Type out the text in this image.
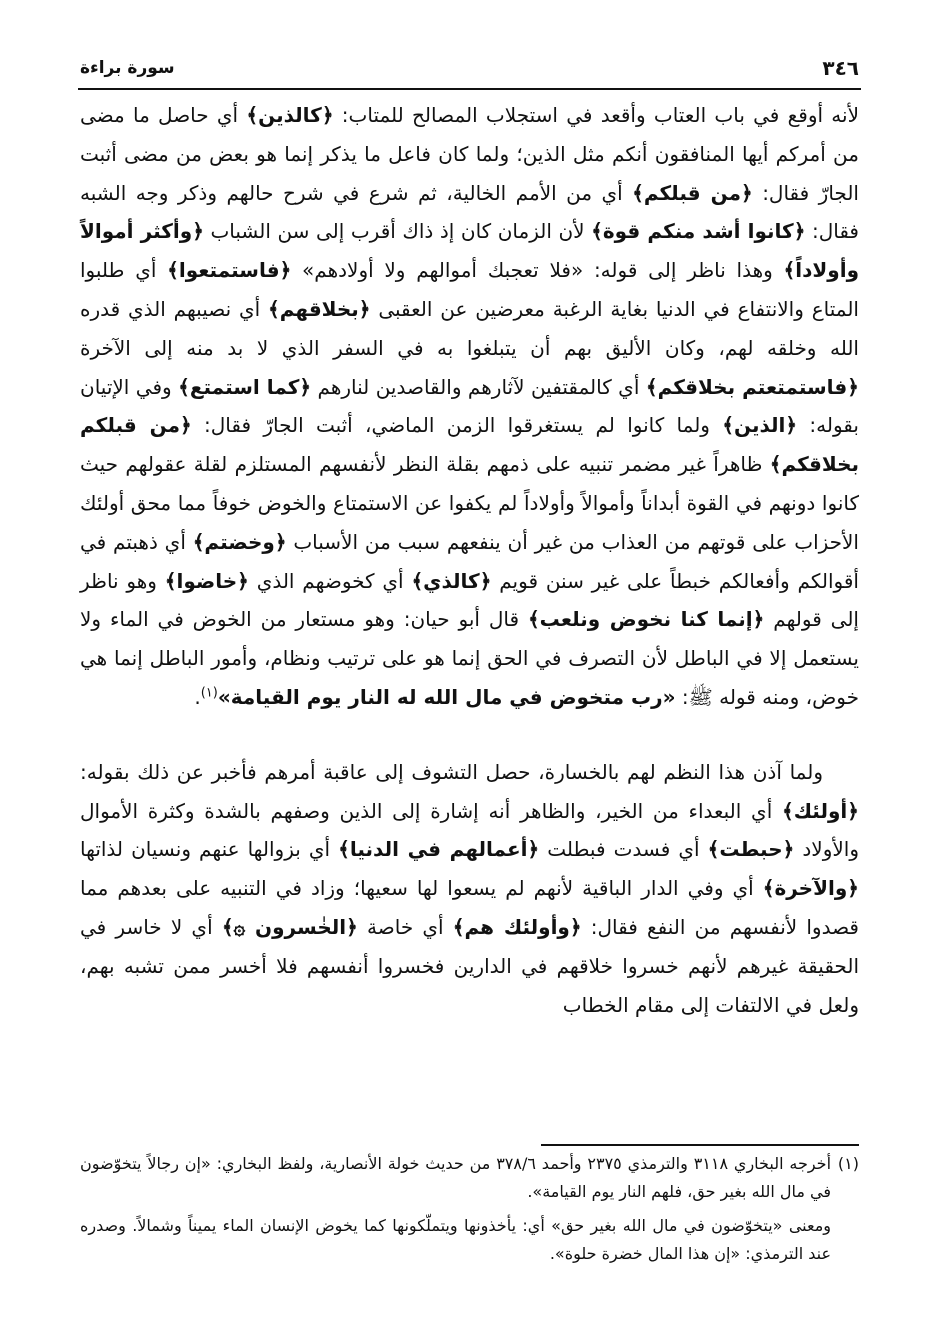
٣٤٦
سورة براءة

لأنه أوقع في باب العتاب وأقعد في استجلاب المصالح للمتاب: ﴿ كالذين ﴾ أي حاصل ما مضى من أمركم أيها المنافقون أنكم مثل الذين؛ ولما كان فاعل ما يذكر إنما هو بعض من مضى أثبت الجارّ فقال: ﴿ من قبلكم ﴾ أي من الأمم الخالية، ثم شرع في شرح حالهم وذكر وجه الشبه فقال: ﴿ كانوا أشد منكم قوة ﴾ لأن الزمان كان إذ ذاك أقرب إلى سن الشباب ﴿ وأكثر أموالاً وأولاداً ﴾ وهذا ناظر إلى قوله: «فلا تعجبك أموالهم ولا أولادهم» ﴿ فاستمتعوا ﴾ أي طلبوا المتاع والانتفاع في الدنيا بغاية الرغبة معرضين عن العقبى ﴿ بخلاقهم ﴾ أي نصيبهم الذي قدره الله وخلقه لهم، وكان الأليق بهم أن يتبلغوا به في السفر الذي لا بد منه إلى الآخرة ﴿ فاستمتعتم بخلاقكم ﴾ أي كالمقتفين لآثارهم والقاصدين لنارهم ﴿ كما استمتع ﴾ وفي الإتيان بقوله: ﴿ الذين ﴾ ولما كانوا لم يستغرقوا الزمن الماضي، أثبت الجارّ فقال: ﴿ من قبلكم بخلاقكم ﴾ ظاهراً غير مضمر تنبيه على ذمهم بقلة النظر لأنفسهم المستلزم لقلة عقولهم حيث كانوا دونهم في القوة أبداناً وأموالاً وأولاداً لم يكفوا عن الاستمتاع والخوض خوفاً مما محق أولئك الأحزاب على قوتهم من العذاب من غير أن ينفعهم سبب من الأسباب ﴿ وخضتم ﴾ أي ذهبتم في أقوالكم وأفعالكم خبطاً على غير سنن قويم ﴿ كالذي ﴾ أي كخوضهم الذي ﴿ خاضوا ﴾ وهو ناظر إلى قولهم ﴿ إنما كنا نخوض ونلعب ﴾ قال أبو حيان: وهو مستعار من الخوض في الماء ولا يستعمل إلا في الباطل لأن التصرف في الحق إنما هو على ترتيب ونظام، وأمور الباطل إنما هي خوض، ومنه قوله ﷺ: «رب متخوض في مال الله له النار يوم القيامة»$^{(١)}$.

ولما آذن هذا النظم لهم بالخسارة، حصل التشوف إلى عاقبة أمرهم فأخبر عن ذلك بقوله: ﴿ أولئك ﴾ أي البعداء من الخير، والظاهر أنه إشارة إلى الذين وصفهم بالشدة وكثرة الأموال والأولاد ﴿ حبطت ﴾ أي فسدت فبطلت ﴿ أعمالهم في الدنيا ﴾ أي بزوالها عنهم ونسيان لذاتها ﴿ والآخرة ﴾ أي وفي الدار الباقية لأنهم لم يسعوا لها سعيها؛ وزاد في التنبيه على بعدهم مما قصدوا لأنفسهم من النفع فقال: ﴿ وأولئك هم ﴾ أي خاصة ﴿ الخٰسرون ۞ ﴾ أي لا خاسر في الحقيقة غيرهم لأنهم خسروا خلاقهم في الدارين فخسروا أنفسهم فلا أخسر ممن تشبه بهم، ولعل في الالتفات إلى مقام الخطاب

(١)
أخرجه البخاري ٣١١٨ والترمذي ٢٣٧٥ وأحمد ٣٧٨/٦ من حديث خولة الأنصارية، ولفظ البخاري: «إن رجالاً يتخوّضون في مال الله بغير حق، فلهم النار يوم القيامة».

ومعنى «يتخوّضون في مال الله بغير حق» أي: يأخذونها ويتملّكونها كما يخوض الإنسان الماء يميناً وشمالاً. وصدره عند الترمذي: «إن هذا المال خضرة حلوة».
